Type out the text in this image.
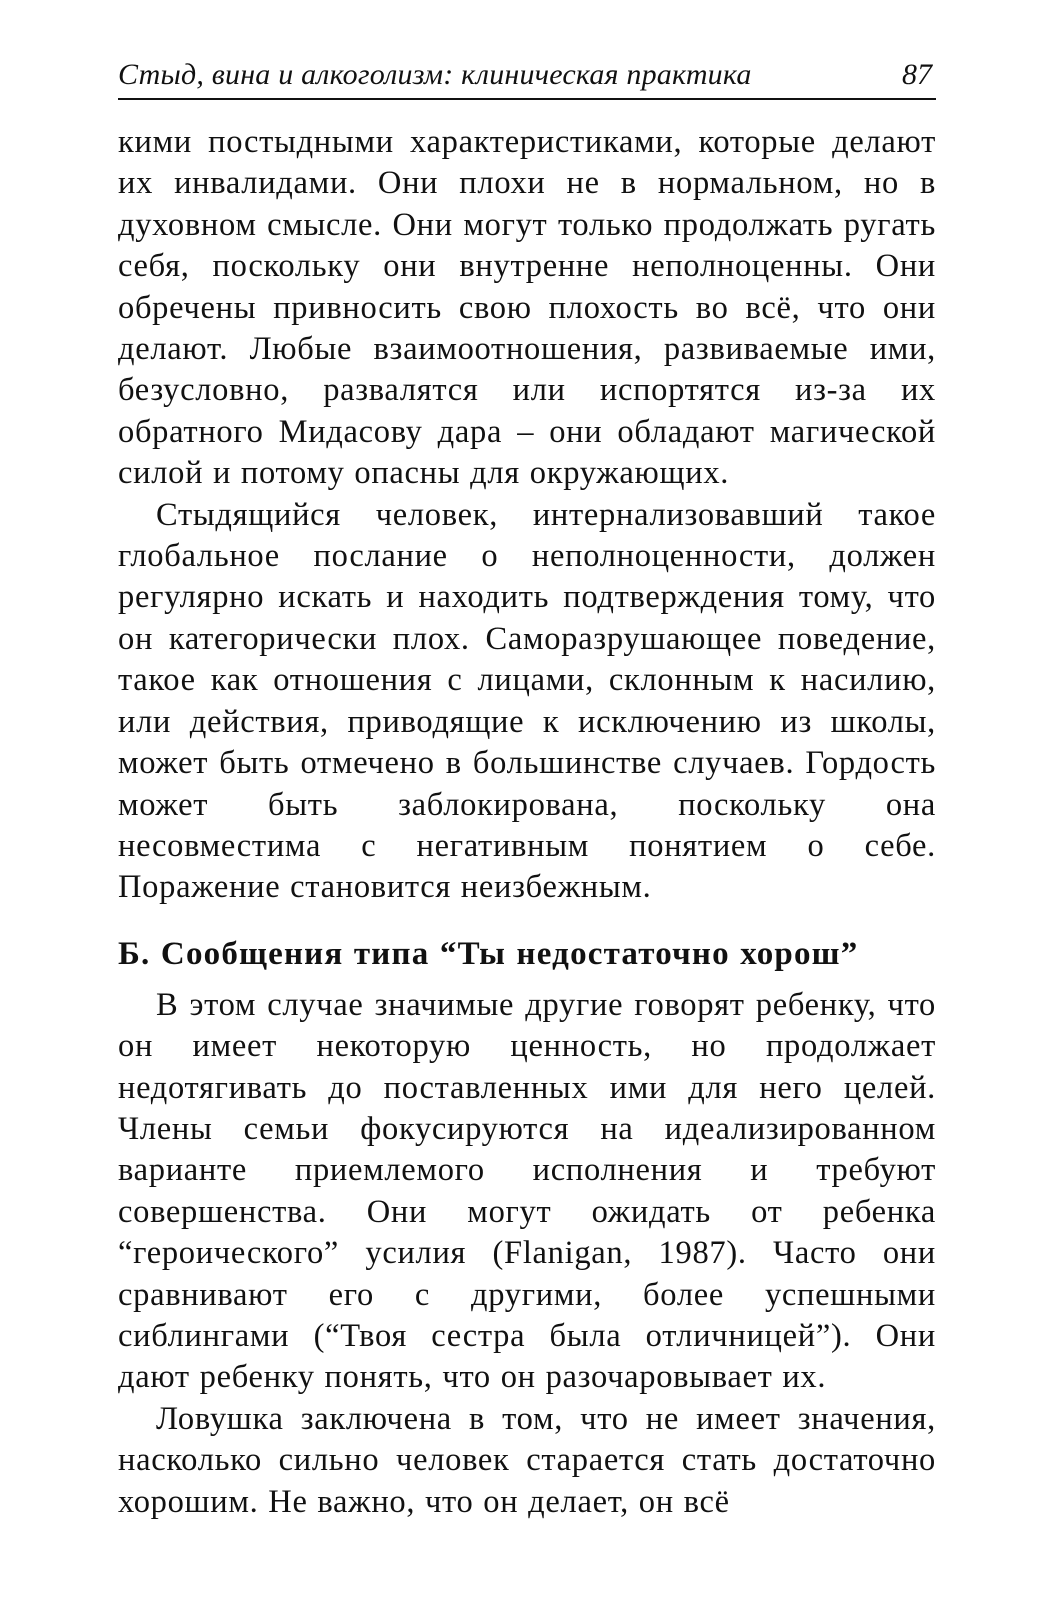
Стыд, вина и алкоголизм: клиническая практика	87

кими постыдными характеристиками, которые делают их инвалидами. Они плохи не в нормальном, но в духовном смысле. Они могут только продолжать ругать себя, поскольку они внутренне неполноценны. Они обречены привносить свою плохость во всё, что они делают. Любые взаимоотношения, развиваемые ими, безусловно, развалятся или испортятся из-за их обратного Мидасову дара – они обладают магической силой и потому опасны для окружающих.

Стыдящийся человек, интернализовавший такое глобальное послание о неполноценности, должен регулярно искать и находить подтверждения тому, что он категорически плох. Саморазрушающее поведение, такое как отношения с лицами, склонным к насилию, или действия, приводящие к исключению из школы, может быть отмечено в большинстве случаев. Гордость может быть заблокирована, поскольку она несовместима с негативным понятием о себе. Поражение становится неизбежным.

Б. Сообщения типа “Ты недостаточно хорош”

В этом случае значимые другие говорят ребенку, что он имеет некоторую ценность, но продолжает недотягивать до поставленных ими для него целей. Члены семьи фокусируются на идеализированном варианте приемлемого исполнения и требуют совершенства. Они могут ожидать от ребенка “героического” усилия (Flanigan, 1987). Часто они сравнивают его с другими, более успешными сиблингами (“Твоя сестра была отличницей”). Они дают ребенку понять, что он разочаровывает их.

Ловушка заключена в том, что не имеет значения, насколько сильно человек старается стать достаточно хорошим. Не важно, что он делает, он всё
